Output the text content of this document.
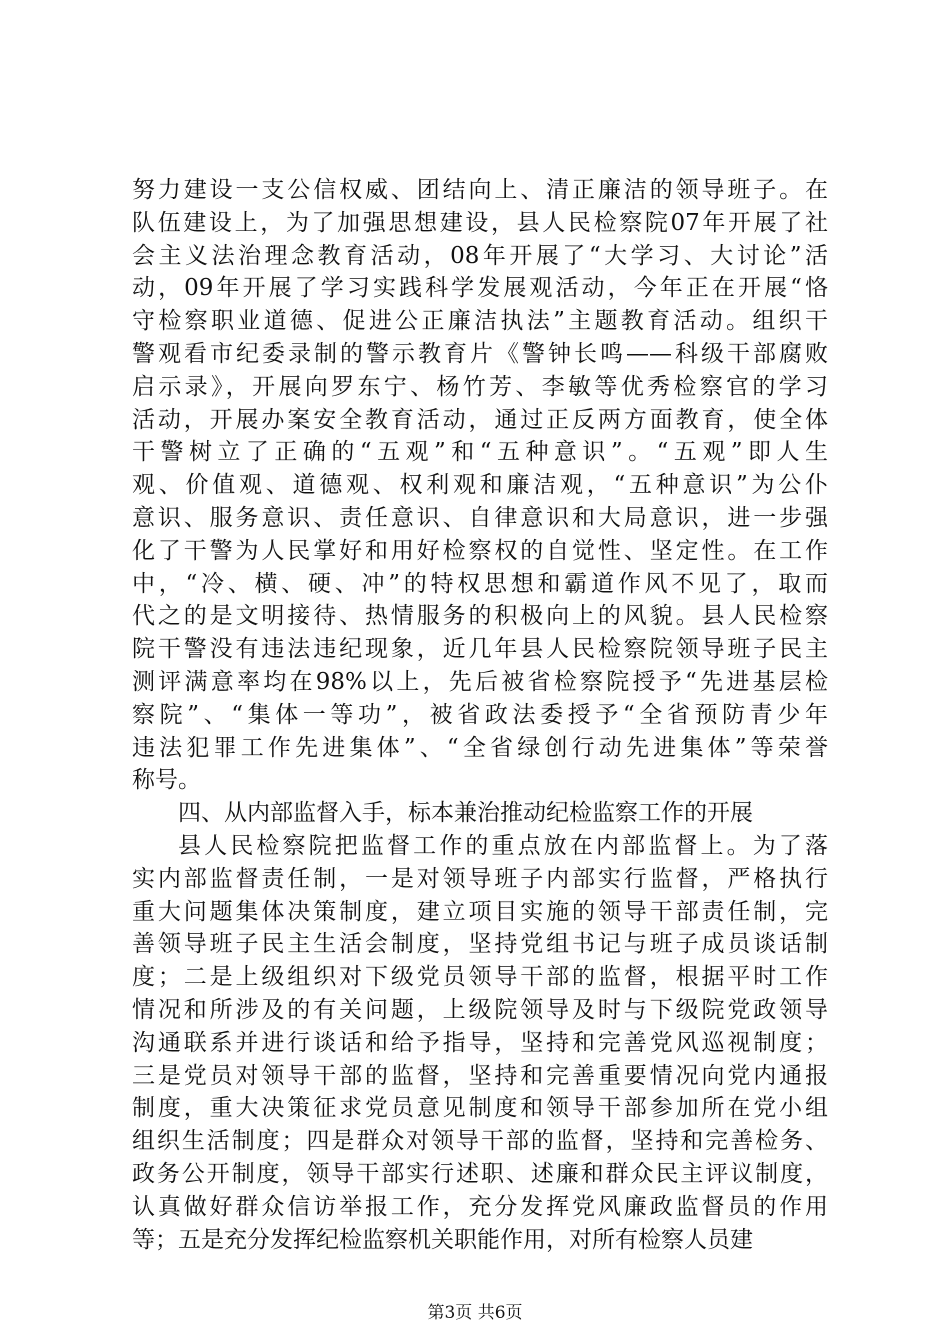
努力建设一支公信权威、团结向上、清正廉洁的领导班子。在
队伍建设上，为了加强思想建设，县人民检察院07年开展了社
会主义法治理念教育活动，08年开展了“大学习、大讨论”活
动，09年开展了学习实践科学发展观活动，今年正在开展“恪
守检察职业道德、促进公正廉洁执法”主题教育活动。组织干
警观看市纪委录制的警示教育片《警钟长鸣——科级干部腐败
启示录》，开展向罗东宁、杨竹芳、李敏等优秀检察官的学习
活动，开展办案安全教育活动，通过正反两方面教育，使全体
干警树立了正确的“五观”和“五种意识”。“五观”即人生
观、价值观、道德观、权利观和廉洁观，“五种意识”为公仆
意识、服务意识、责任意识、自律意识和大局意识，进一步强
化了干警为人民掌好和用好检察权的自觉性、坚定性。在工作
中，“冷、横、硬、冲”的特权思想和霸道作风不见了，取而
代之的是文明接待、热情服务的积极向上的风貌。县人民检察
院干警没有违法违纪现象，近几年县人民检察院领导班子民主
测评满意率均在98%以上，先后被省检察院授予“先进基层检
察院”、“集体一等功”，被省政法委授予“全省预防青少年
违法犯罪工作先进集体”、“全省绿创行动先进集体”等荣誉
称号。
四、从内部监督入手，标本兼治推动纪检监察工作的开展
县人民检察院把监督工作的重点放在内部监督上。为了落
实内部监督责任制，一是对领导班子内部实行监督，严格执行
重大问题集体决策制度，建立项目实施的领导干部责任制，完
善领导班子民主生活会制度，坚持党组书记与班子成员谈话制
度；二是上级组织对下级党员领导干部的监督，根据平时工作
情况和所涉及的有关问题，上级院领导及时与下级院党政领导
沟通联系并进行谈话和给予指导，坚持和完善党风巡视制度；
三是党员对领导干部的监督，坚持和完善重要情况向党内通报
制度，重大决策征求党员意见制度和领导干部参加所在党小组
组织生活制度；四是群众对领导干部的监督，坚持和完善检务、
政务公开制度，领导干部实行述职、述廉和群众民主评议制度，
认真做好群众信访举报工作，充分发挥党风廉政监督员的作用
等；五是充分发挥纪检监察机关职能作用，对所有检察人员建
第3页 共6页
